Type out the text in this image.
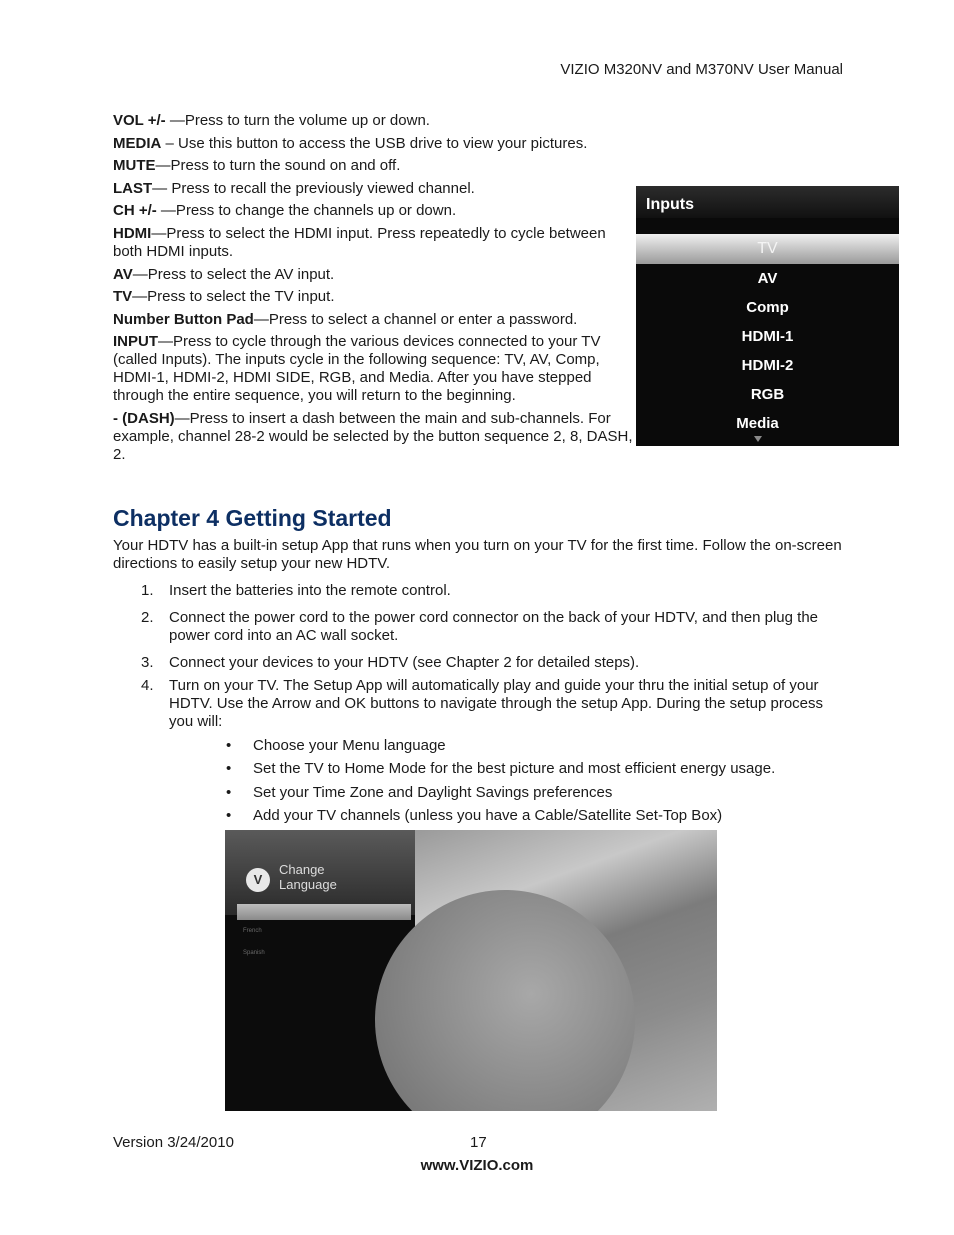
VIZIO M320NV and M370NV User Manual

VOL +/- —Press to turn the volume up or down.

MEDIA – Use this button to access the USB drive to view your pictures.

MUTE—Press to turn the sound on and off.

LAST— Press to recall the previously viewed channel.

CH +/- —Press to change the channels up or down.

HDMI—Press to select the HDMI input. Press repeatedly to cycle between both HDMI inputs.

AV—Press to select the AV input.

TV—Press to select the TV input.

Number Button Pad—Press to select a channel or enter a password.

INPUT—Press to cycle through the various devices connected to your TV (called Inputs). The inputs cycle in the following sequence: TV, AV, Comp, HDMI-1, HDMI-2, HDMI SIDE, RGB, and Media. After you have stepped through the entire sequence, you will return to the beginning.

- (DASH)—Press to insert a dash between the main and sub-channels. For example, channel 28-2 would be selected by the button sequence 2, 8, DASH, 2.

Inputs
TV
AV
Comp
HDMI-1
HDMI-2
RGB
Media
Chapter 4 Getting Started
Your HDTV has a built-in setup App that runs when you turn on your TV for the first time. Follow the on-screen directions to easily setup your new HDTV.
1. Insert the batteries into the remote control.
2. Connect the power cord to the power cord connector on the back of your HDTV, and then plug the power cord into an AC wall socket.
3. Connect your devices to your HDTV (see Chapter 2 for detailed steps).
4. Turn on your TV. The Setup App will automatically play and guide your thru the initial setup of your HDTV. Use the Arrow and OK buttons to navigate through the setup App. During the setup process you will:
• Choose your Menu language
• Set the TV to Home Mode for the best picture and most efficient energy usage.
• Set your Time Zone and Daylight Savings preferences
• Add your TV channels (unless you have a Cable/Satellite Set-Top Box)
V
Change
Language
French
Spanish
Version 3/24/2010	17
www.VIZIO.com
